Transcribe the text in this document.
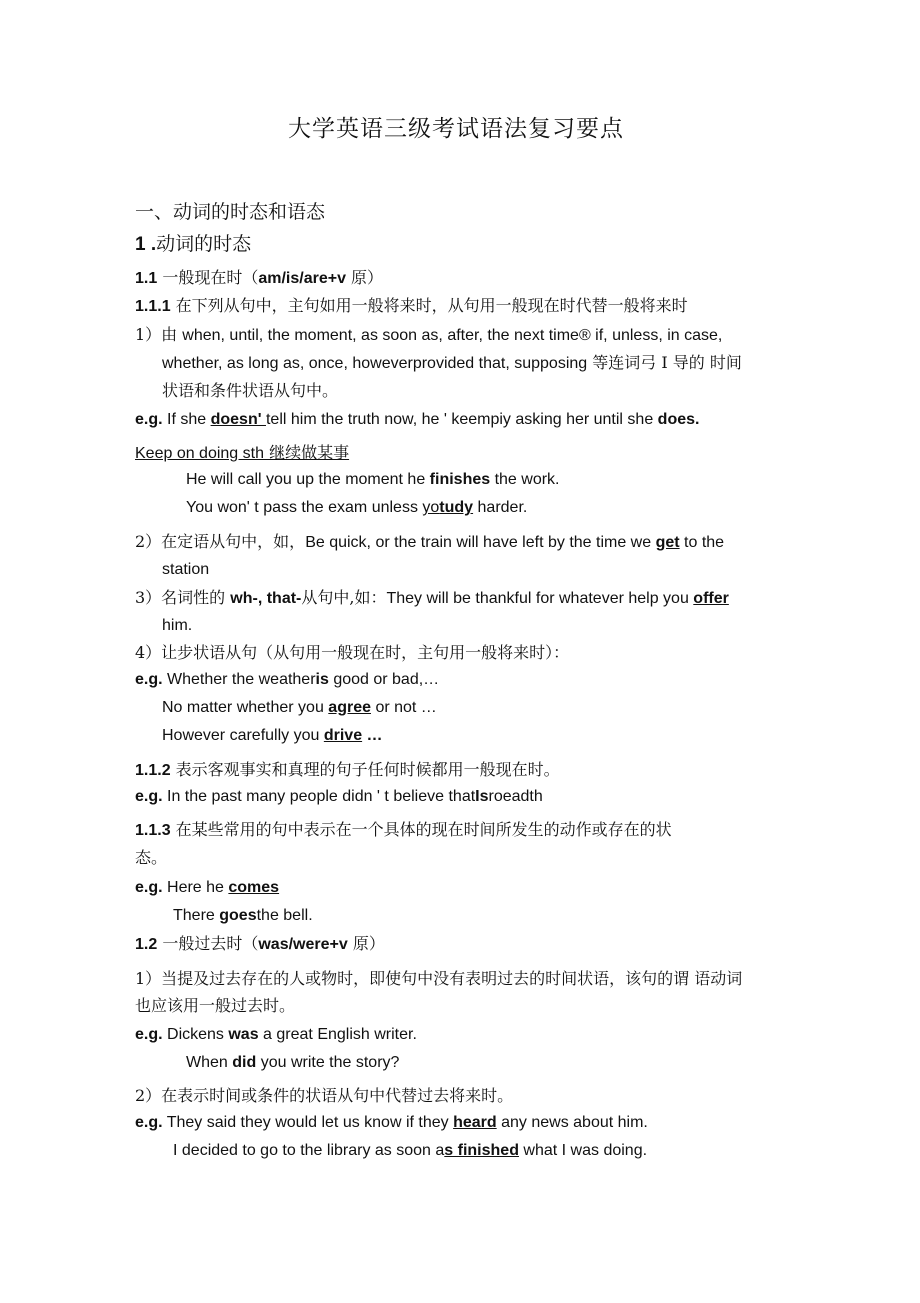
大学英语三级考试语法复习要点
一、动词的时态和语态
1 .动词的时态
1.1 一般现在时（am/is/are+v 原）
1.1.1 在下列从句中，主句如用一般将来时，从句用一般现在时代替一般将来时
1）由 when, until, the moment, as soon as, after, the next time® if, unless, in case,
whether, as long as, once, howeverprovided that, supposing 等连词弓 I 导的 时间
状语和条件状语从句中。
e.g. If she doesn' tell him the truth now, he ' keempiy asking her until she does.
Keep on doing sth 继续做某事
He will call you up the moment he finishes the work.
You won' t pass the exam unless yotudy harder.
2）在定语从句中，如，Be quick, or the train will have left by the time we get to the
station
3）名词性的 wh-, that-从句中,如：They will be thankful for whatever help you offer
him.
4）让步状语从句（从句用一般现在时，主句用一般将来时）：
e.g. Whether the weatheris good or bad,…
No matter whether you agree or not …
However carefully you drive …
1.1.2 表示客观事实和真理的句子任何时候都用一般现在时。
e.g. In the past many people didn ' t believe thatIsroeadth
1.1.3 在某些常用的句中表示在一个具体的现在时间所发生的动作或存在的状
态。
e.g. Here he comes
There goesthe bell.
1.2 一般过去时（was/were+v 原）
1）当提及过去存在的人或物时，即使句中没有表明过去的时间状语，该句的谓 语动词
也应该用一般过去时。
e.g. Dickens was a great English writer.
When did you write the story?
2）在表示时间或条件的状语从句中代替过去将来时。
e.g. They said they would let us know if they heard any news about him.
I decided to go to the library as soon as finished what I was doing.
